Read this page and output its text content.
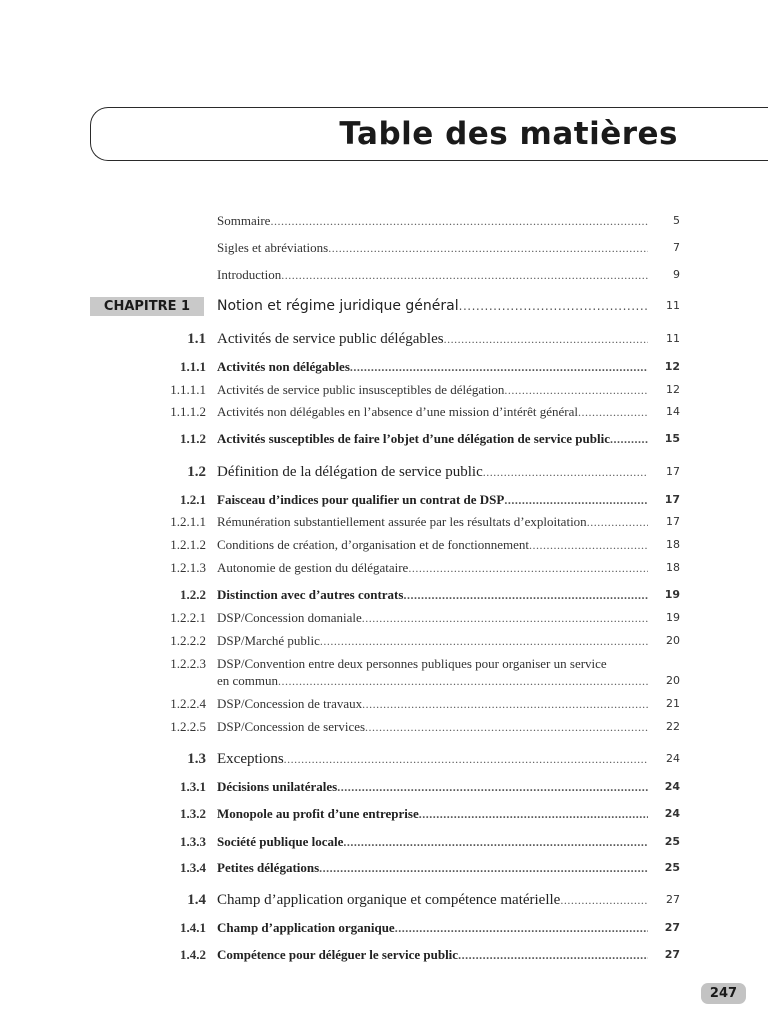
Table des matières
Sommaire .....	5
Sigles et abréviations .....	7
Introduction .....	9
CHAPITRE 1	Notion et régime juridique général .....	11
1.1 Activités de service public délégables .....	11
1.1.1 Activités non délégables .....	12
1.1.1.1 Activités de service public insusceptibles de délégation .....	12
1.1.1.2 Activités non délégables en l’absence d’une mission d’intérêt général .....	14
1.1.2 Activités susceptibles de faire l’objet d’une délégation de service public .....	15
1.2 Définition de la délégation de service public .....	17
1.2.1 Faisceau d’indices pour qualifier un contrat de DSP .....	17
1.2.1.1 Rémunération substantiellement assurée par les résultats d’exploitation .....	17
1.2.1.2 Conditions de création, d’organisation et de fonctionnement .....	18
1.2.1.3 Autonomie de gestion du délégataire .....	18
1.2.2 Distinction avec d’autres contrats .....	19
1.2.2.1 DSP/Concession domaniale .....	19
1.2.2.2 DSP/Marché public .....	20
1.2.2.3 DSP/Convention entre deux personnes publiques pour organiser un service
en commun .....	20
1.2.2.4 DSP/Concession de travaux .....	21
1.2.2.5 DSP/Concession de services .....	22
1.3 Exceptions .....	24
1.3.1 Décisions unilatérales .....	24
1.3.2 Monopole au profit d’une entreprise .....	24
1.3.3 Société publique locale .....	25
1.3.4 Petites délégations .....	25
1.4 Champ d’application organique et compétence matérielle .....	27
1.4.1 Champ d’application organique .....	27
1.4.2 Compétence pour déléguer le service public .....	27
247
